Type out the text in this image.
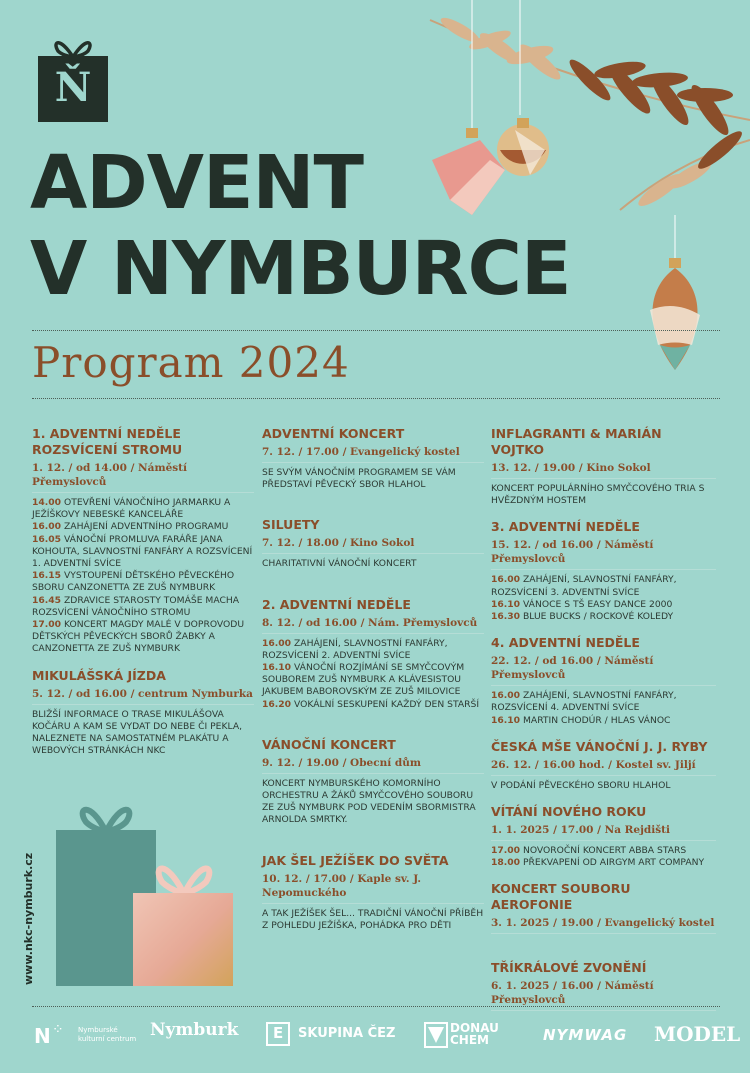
Ň
ADVENT
V NYMBURCE
Program 2024
1. ADVENTNÍ NEDĚLE ROZSVÍCENÍ STROMU
1. 12. / od 14.00 / Náměstí Přemyslovců
14.00 OTEVŘENÍ VÁNOČNÍHO JARMARKU A JEŽÍŠKOVY NEBESKÉ KANCELÁŘE
16.00 ZAHÁJENÍ ADVENTNÍHO PROGRAMU
16.05 VÁNOČNÍ PROMLUVA FARÁŘE JANA KOHOUTA, SLAVNOSTNÍ FANFÁRY A ROZSVÍCENÍ 1. ADVENTNÍ SVÍCE
16.15 VYSTOUPENÍ DĚTSKÉHO PĚVECKÉHO SBORU CANZONETTA ZE ZUŠ NYMBURK
16.45 ZDRAVICE STAROSTY TOMÁŠE MACHA ROZSVÍCENÍ VÁNOČNÍHO STROMU
17.00 KONCERT MAGDY MALÉ V DOPROVODU DĚTSKÝCH PĚVECKÝCH SBORŮ ŽABKY A CANZONETTA ZE ZUŠ NYMBURK
MIKULÁŠSKÁ JÍZDA
5. 12. / od 16.00 / centrum Nymburka
BLIŽŠÍ INFORMACE O TRASE MIKULÁŠOVA KOČÁRU A KAM SE VYDAT DO NEBE ČI PEKLA, NALEZNETE NA SAMOSTATNÉM PLAKÁTU A WEBOVÝCH STRÁNKÁCH NKC
ADVENTNÍ KONCERT
7. 12. / 17.00 / Evangelický kostel
SE SVÝM VÁNOČNÍM PROGRAMEM SE VÁM PŘEDSTAVÍ PĚVECKÝ SBOR HLAHOL
SILUETY
7. 12. / 18.00 / Kino Sokol
CHARITATIVNÍ VÁNOČNÍ KONCERT
2. ADVENTNÍ NEDĚLE
8. 12. / od 16.00 / Nám. Přemyslovců
16.00 ZAHÁJENÍ, SLAVNOSTNÍ FANFÁRY, ROZSVÍCENÍ 2. ADVENTNÍ SVÍCE
16.10 VÁNOČNÍ ROZJÍMÁNÍ SE SMYČCOVÝM SOUBOREM ZUŠ NYMBURK A KLÁVESISTOU JAKUBEM BABOROVSKÝM ZE ZUŠ MILOVICE
16.20 VOKÁLNÍ SESKUPENÍ KAŽDÝ DEN STARŠÍ
VÁNOČNÍ KONCERT
9. 12. / 19.00 / Obecní dům
KONCERT NYMBURSKÉHO KOMORNÍHO ORCHESTRU A ŽÁKŮ SMYČCOVÉHO SOUBORU ZE ZUŠ NYMBURK POD VEDENÍM SBORMISTRA ARNOLDA SMRTKY.
JAK ŠEL JEŽÍŠEK DO SVĚTA
10. 12. / 17.00 / Kaple sv. J. Nepomuckého
A TAK JEŽÍŠEK ŠEL... TRADIČNÍ VÁNOČNÍ PŘÍBĚH Z POHLEDU JEŽÍŠKA, POHÁDKA PRO DĚTI
INFLAGRANTI & MARIÁN VOJTKO
13. 12. / 19.00 / Kino Sokol
KONCERT POPULÁRNÍHO SMYČCOVÉHO TRIA S HVĚZDNÝM HOSTEM
3. ADVENTNÍ NEDĚLE
15. 12. / od 16.00 / Náměstí Přemyslovců
16.00 ZAHÁJENÍ, SLAVNOSTNÍ FANFÁRY, ROZSVÍCENÍ 3. ADVENTNÍ SVÍCE
16.10 VÁNOCE S TŠ EASY DANCE 2000
16.30 BLUE BUCKS / ROCKOVÉ KOLEDY
4. ADVENTNÍ NEDĚLE
22. 12. / od 16.00 / Náměstí Přemyslovců
16.00 ZAHÁJENÍ, SLAVNOSTNÍ FANFÁRY, ROZSVÍCENÍ 4. ADVENTNÍ SVÍCE
16.10 MARTIN CHODÚR / HLAS VÁNOC
ČESKÁ MŠE VÁNOČNÍ J. J. RYBY
26. 12. / 16.00 hod. / Kostel sv. Jiljí
V PODÁNÍ PĚVECKÉHO SBORU HLAHOL
VÍTÁNÍ NOVÉHO ROKU
1. 1. 2025 / 17.00 / Na Rejdišti
17.00 NOVOROČNÍ KONCERT ABBA STARS
18.00 PŘEKVAPENÍ OD AIRGYM ART COMPANY
KONCERT SOUBORU AEROFONIE
3. 1. 2025 / 19.00 / Evangelický kostel
TŘÍKRÁLOVÉ ZVONĚNÍ
6. 1. 2025 / 16.00 / Náměstí Přemyslovců
www.nkc-nymburk.cz
N ⁘ Nymburské
kulturní centrum Nymburk E SKUPINA ČEZ	DONAU
CHEM	NYMWAG MODEL
